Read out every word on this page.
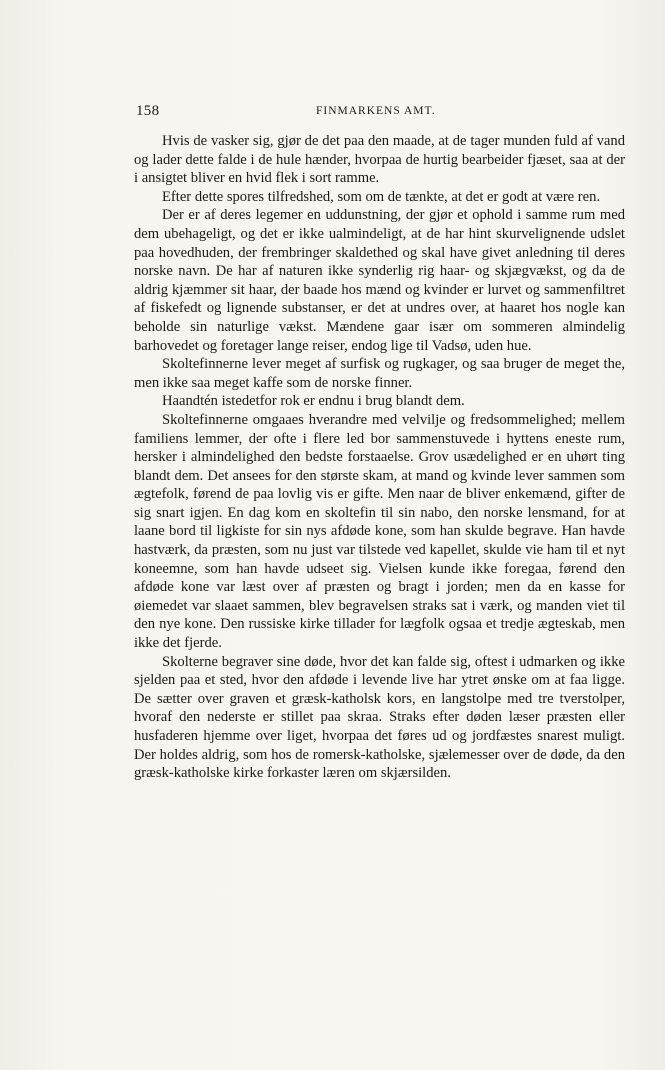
158	FINMARKENS AMT.

Hvis de vasker sig, gjør de det paa den maade, at de tager munden fuld af vand og lader dette falde i de hule hænder, hvorpaa de hurtig bearbeider fjæset, saa at der i ansigtet bliver en hvid flek i sort ramme.

Efter dette spores tilfredshed, som om de tænkte, at det er godt at være ren.

Der er af deres legemer en uddunstning, der gjør et ophold i samme rum med dem ubehageligt, og det er ikke ualmindeligt, at de har hint skurvelignende udslet paa hovedhuden, der frembringer skaldethed og skal have givet anledning til deres norske navn. De har af naturen ikke synderlig rig haar- og skjægvækst, og da de aldrig kjæmmer sit haar, der baade hos mænd og kvinder er lurvet og sammenfiltret af fiskefedt og lignende substanser, er det at undres over, at haaret hos nogle kan beholde sin naturlige vækst. Mændene gaar især om sommeren almindelig barhovedet og foretager lange reiser, endog lige til Vadsø, uden hue.

Skoltefinnerne lever meget af surfisk og rugkager, og saa bruger de meget the, men ikke saa meget kaffe som de norske finner.

Haandtén istedetfor rok er endnu i brug blandt dem.

Skoltefinnerne omgaaes hverandre med velvilje og fredsommelighed; mellem familiens lemmer, der ofte i flere led bor sammenstuvede i hyttens eneste rum, hersker i almindelighed den bedste forstaaelse. Grov usædelighed er en uhørt ting blandt dem. Det ansees for den største skam, at mand og kvinde lever sammen som ægtefolk, førend de paa lovlig vis er gifte. Men naar de bliver enkemænd, gifter de sig snart igjen. En dag kom en skoltefin til sin nabo, den norske lensmand, for at laane bord til ligkiste for sin nys afdøde kone, som han skulde begrave. Han havde hastværk, da præsten, som nu just var tilstede ved kapellet, skulde vie ham til et nyt koneemne, som han havde udseet sig. Vielsen kunde ikke foregaa, førend den afdøde kone var læst over af præsten og bragt i jorden; men da en kasse for øiemedet var slaaet sammen, blev begravelsen straks sat i værk, og manden viet til den nye kone. Den russiske kirke tillader for lægfolk ogsaa et tredje ægteskab, men ikke det fjerde.

Skolterne begraver sine døde, hvor det kan falde sig, oftest i udmarken og ikke sjelden paa et sted, hvor den afdøde i levende live har ytret ønske om at faa ligge. De sætter over graven et græsk-katholsk kors, en langstolpe med tre tverstolper, hvoraf den nederste er stillet paa skraa. Straks efter døden læser præsten eller husfaderen hjemme over liget, hvorpaa det føres ud og jordfæstes snarest muligt. Der holdes aldrig, som hos de romersk-katholske, sjælemesser over de døde, da den græsk-katholske kirke forkaster læren om skjærsilden.
